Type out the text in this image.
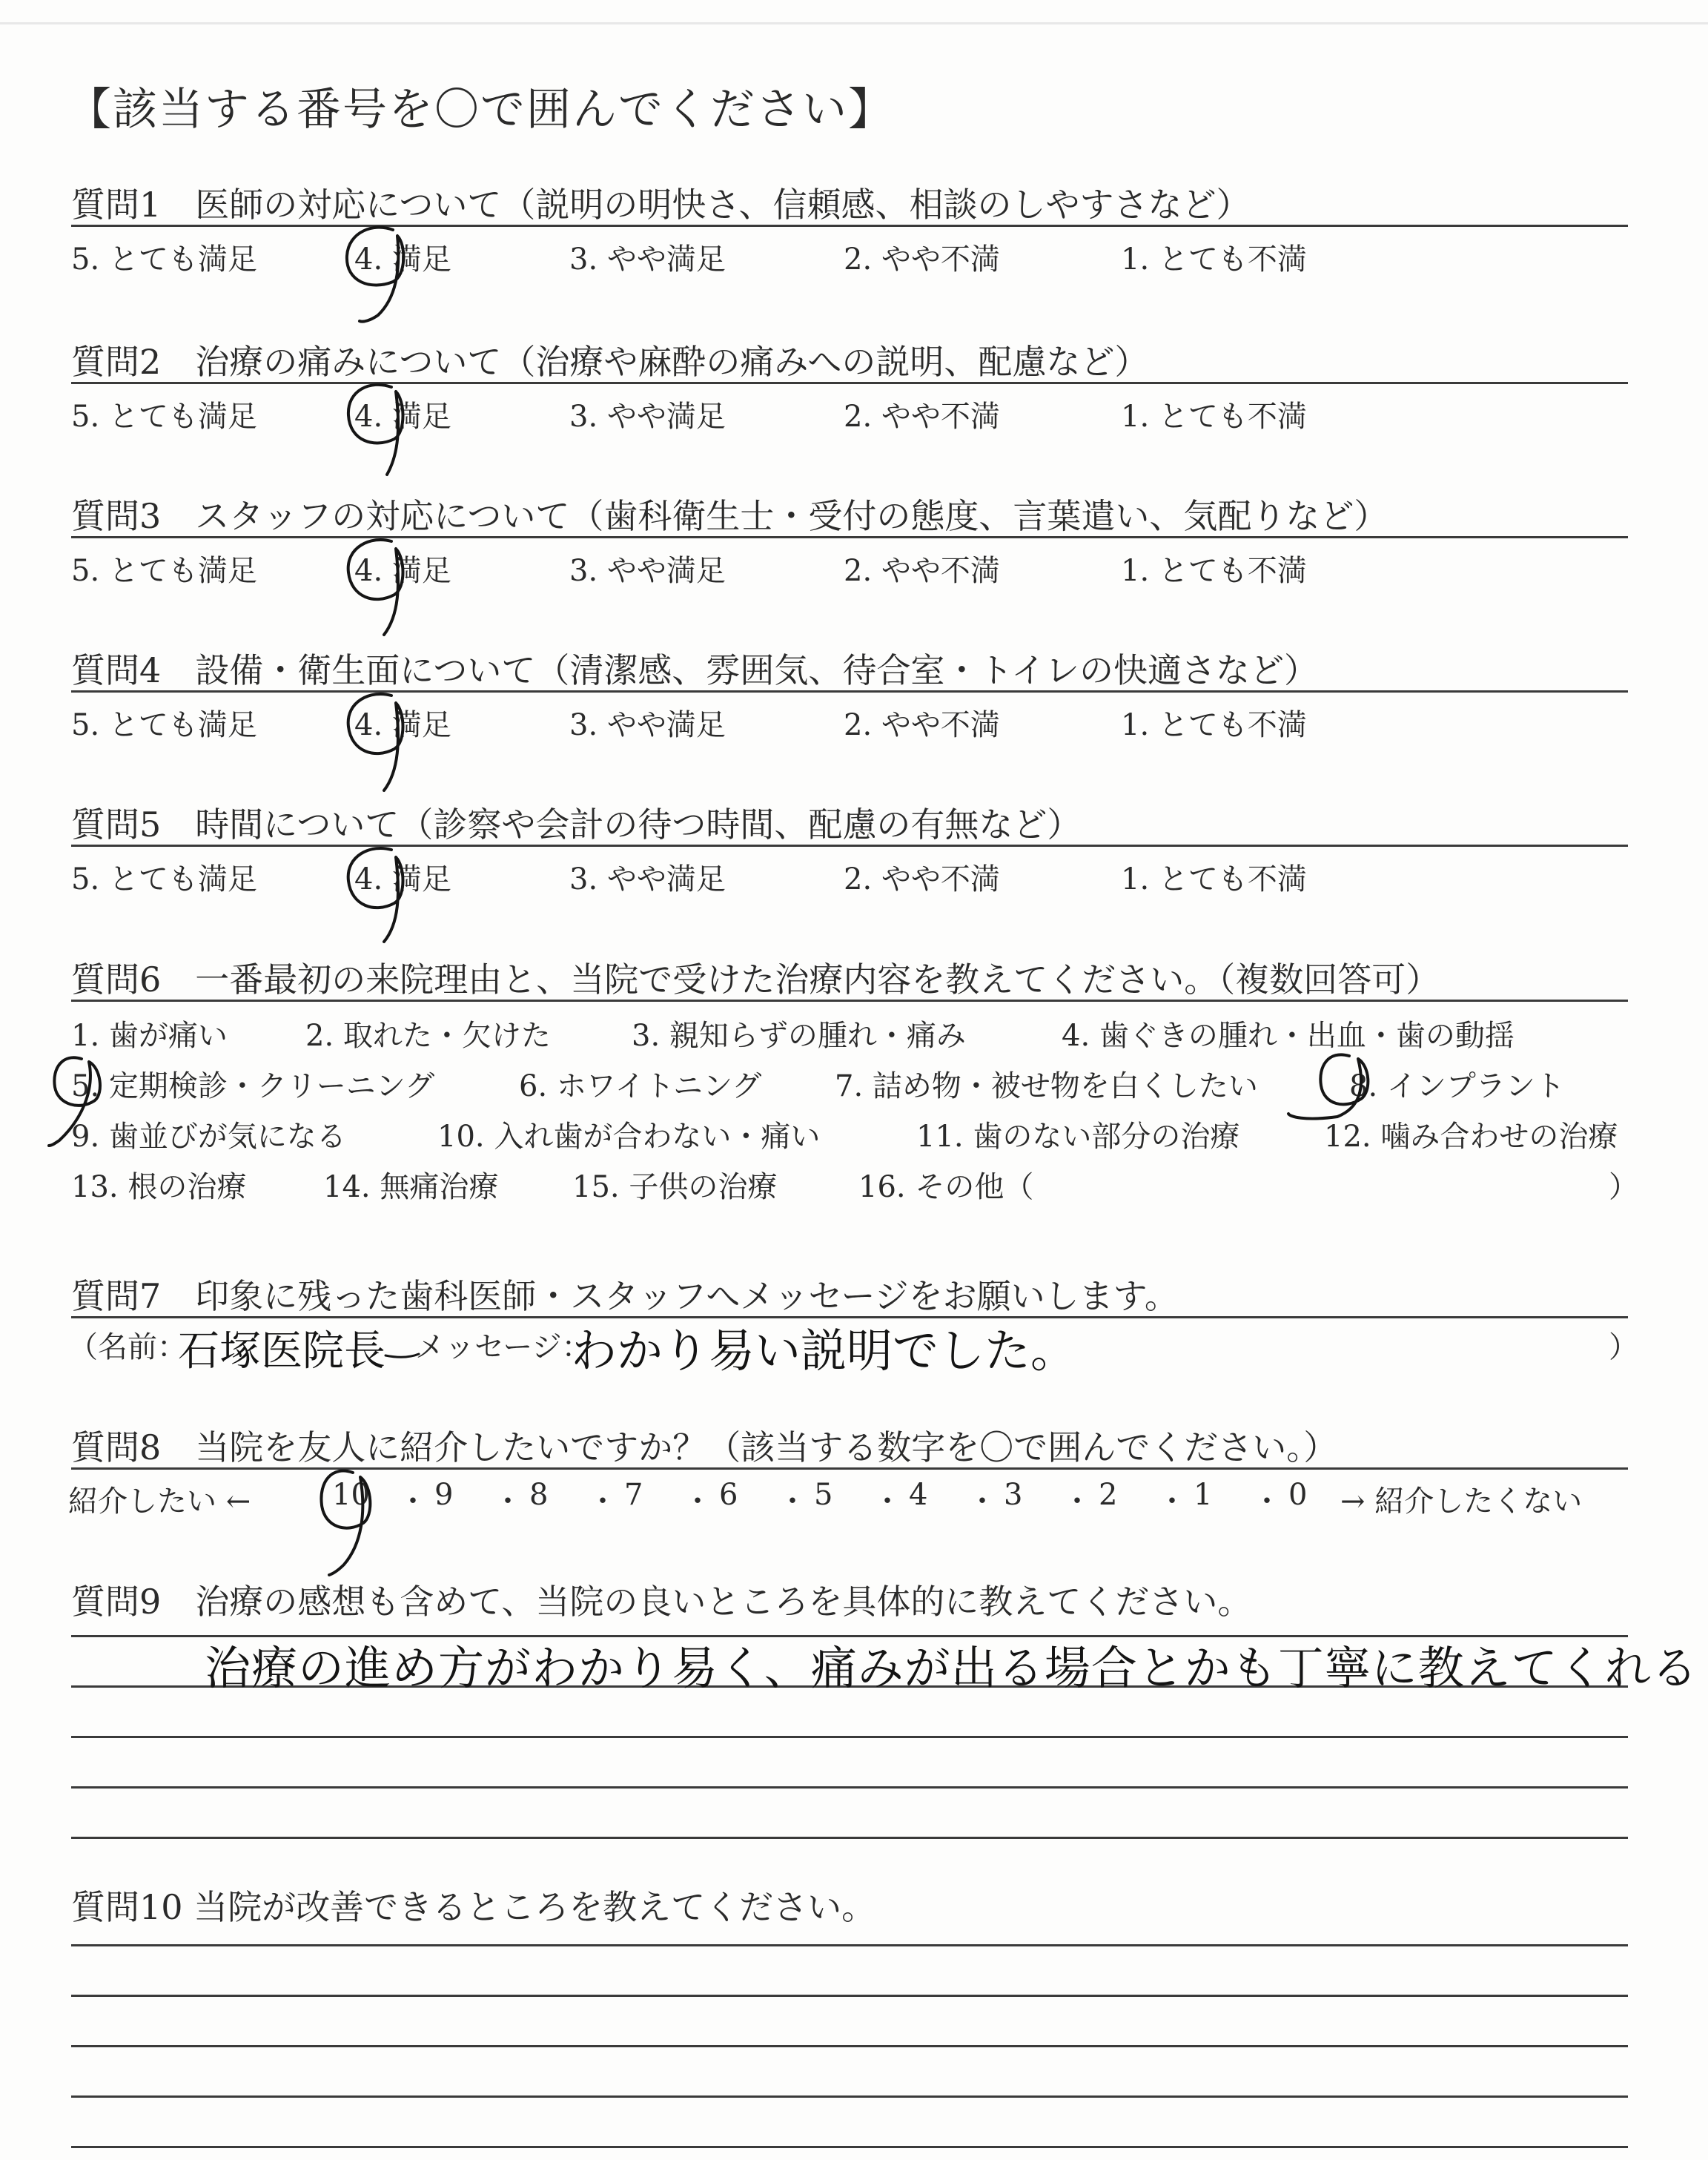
【該当する番号を〇で囲んでください】
質問1　医師の対応について（説明の明快さ、信頼感、相談のしやすさなど）
5. とても満足	4. 満足	3. やや満足	2. やや不満	1. とても不満
質問2　治療の痛みについて（治療や麻酔の痛みへの説明、配慮など）
5. とても満足	4. 満足	3. やや満足	2. やや不満	1. とても不満
質問3　スタッフの対応について（歯科衛生士・受付の態度、言葉遣い、気配りなど）
5. とても満足	4. 満足	3. やや満足	2. やや不満	1. とても不満
質問4　設備・衛生面について（清潔感、雰囲気、待合室・トイレの快適さなど）
5. とても満足	4. 満足	3. やや満足	2. やや不満	1. とても不満
質問5　時間について（診察や会計の待つ時間、配慮の有無など）
5. とても満足	4. 満足	3. やや満足	2. やや不満	1. とても不満
質問6　一番最初の来院理由と、当院で受けた治療内容を教えてください。（複数回答可）
1. 歯が痛い	2. 取れた・欠けた	3. 親知らずの腫れ・痛み	4. 歯ぐきの腫れ・出血・歯の動揺
5. 定期検診・クリーニング	6. ホワイトニング 7. 詰め物・被せ物を白くしたい	8. インプラント
9. 歯並びが気になる	10. 入れ歯が合わない・痛い	11. 歯のない部分の治療	12. 噛み合わせの治療
13. 根の治療	14. 無痛治療 15. 子供の治療	16. その他（	）
質問7　印象に残った歯科医師・スタッフへメッセージをお願いします。
（名前：
石塚医院長 メッセージ：
わかり易い説明でした。	）
質問8　当院を友人に紹介したいですか？（該当する数字を〇で囲んでください。）
紹介したい ←	10 9	8	7	6	5	4	3	2	1	0 → 紹介したくない
・ ・ ・ ・ ・ ・ ・ ・ ・ ・
質問9　治療の感想も含めて、当院の良いところを具体的に教えてください。
治療の進め方がわかり易く、痛みが出る場合とかも丁寧に教えてくれる
質問10 当院が改善できるところを教えてください。
